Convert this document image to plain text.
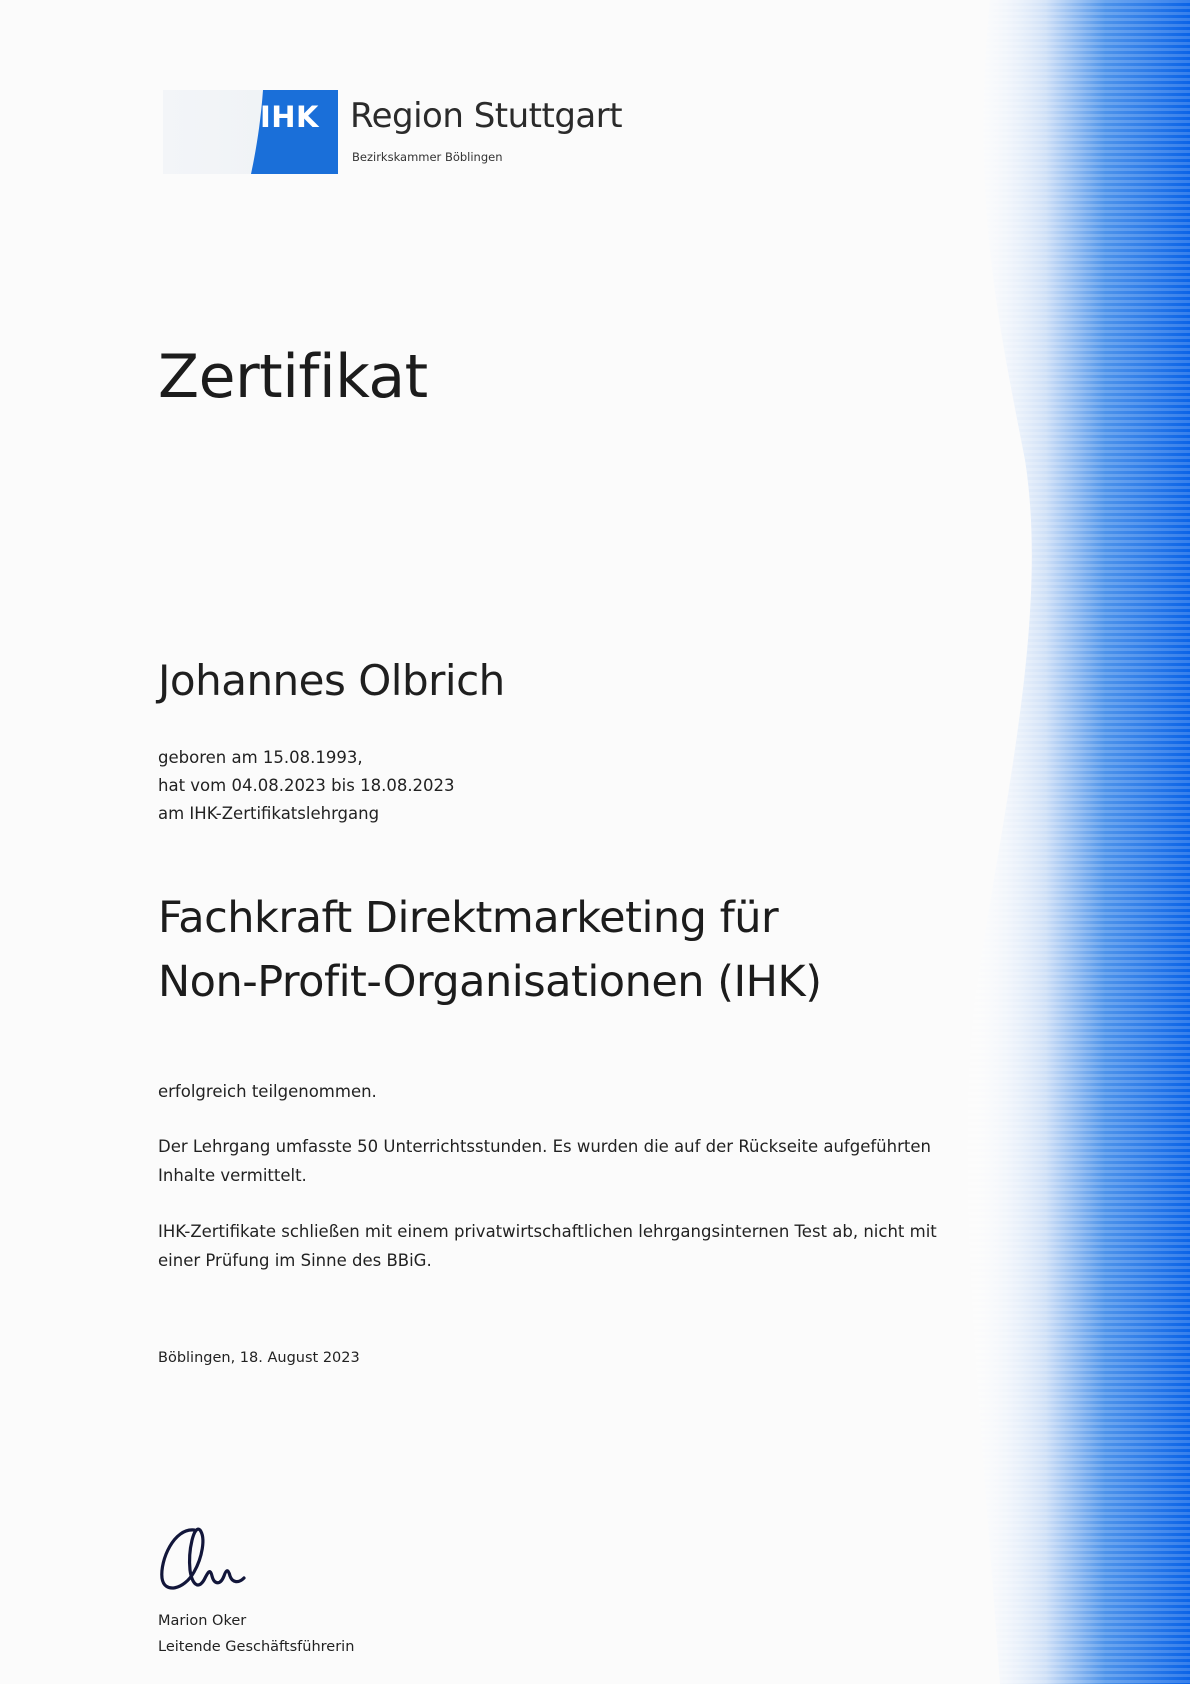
IHK Region Stuttgart
Bezirkskammer Böblingen
Zertifikat
Johannes Olbrich
geboren am 15.08.1993,
hat vom 04.08.2023 bis 18.08.2023
am IHK-Zertifikatslehrgang
Fachkraft Direktmarketing für
Non-Profit-Organisationen (IHK)
erfolgreich teilgenommen.
Der Lehrgang umfasste 50 Unterrichtsstunden. Es wurden die auf der Rückseite aufgeführten Inhalte vermittelt.
IHK-Zertifikate schließen mit einem privatwirtschaftlichen lehrgangsinternen Test ab, nicht mit einer Prüfung im Sinne des BBiG.
Böblingen, 18. August 2023
Marion Oker
Leitende Geschäftsführerin
